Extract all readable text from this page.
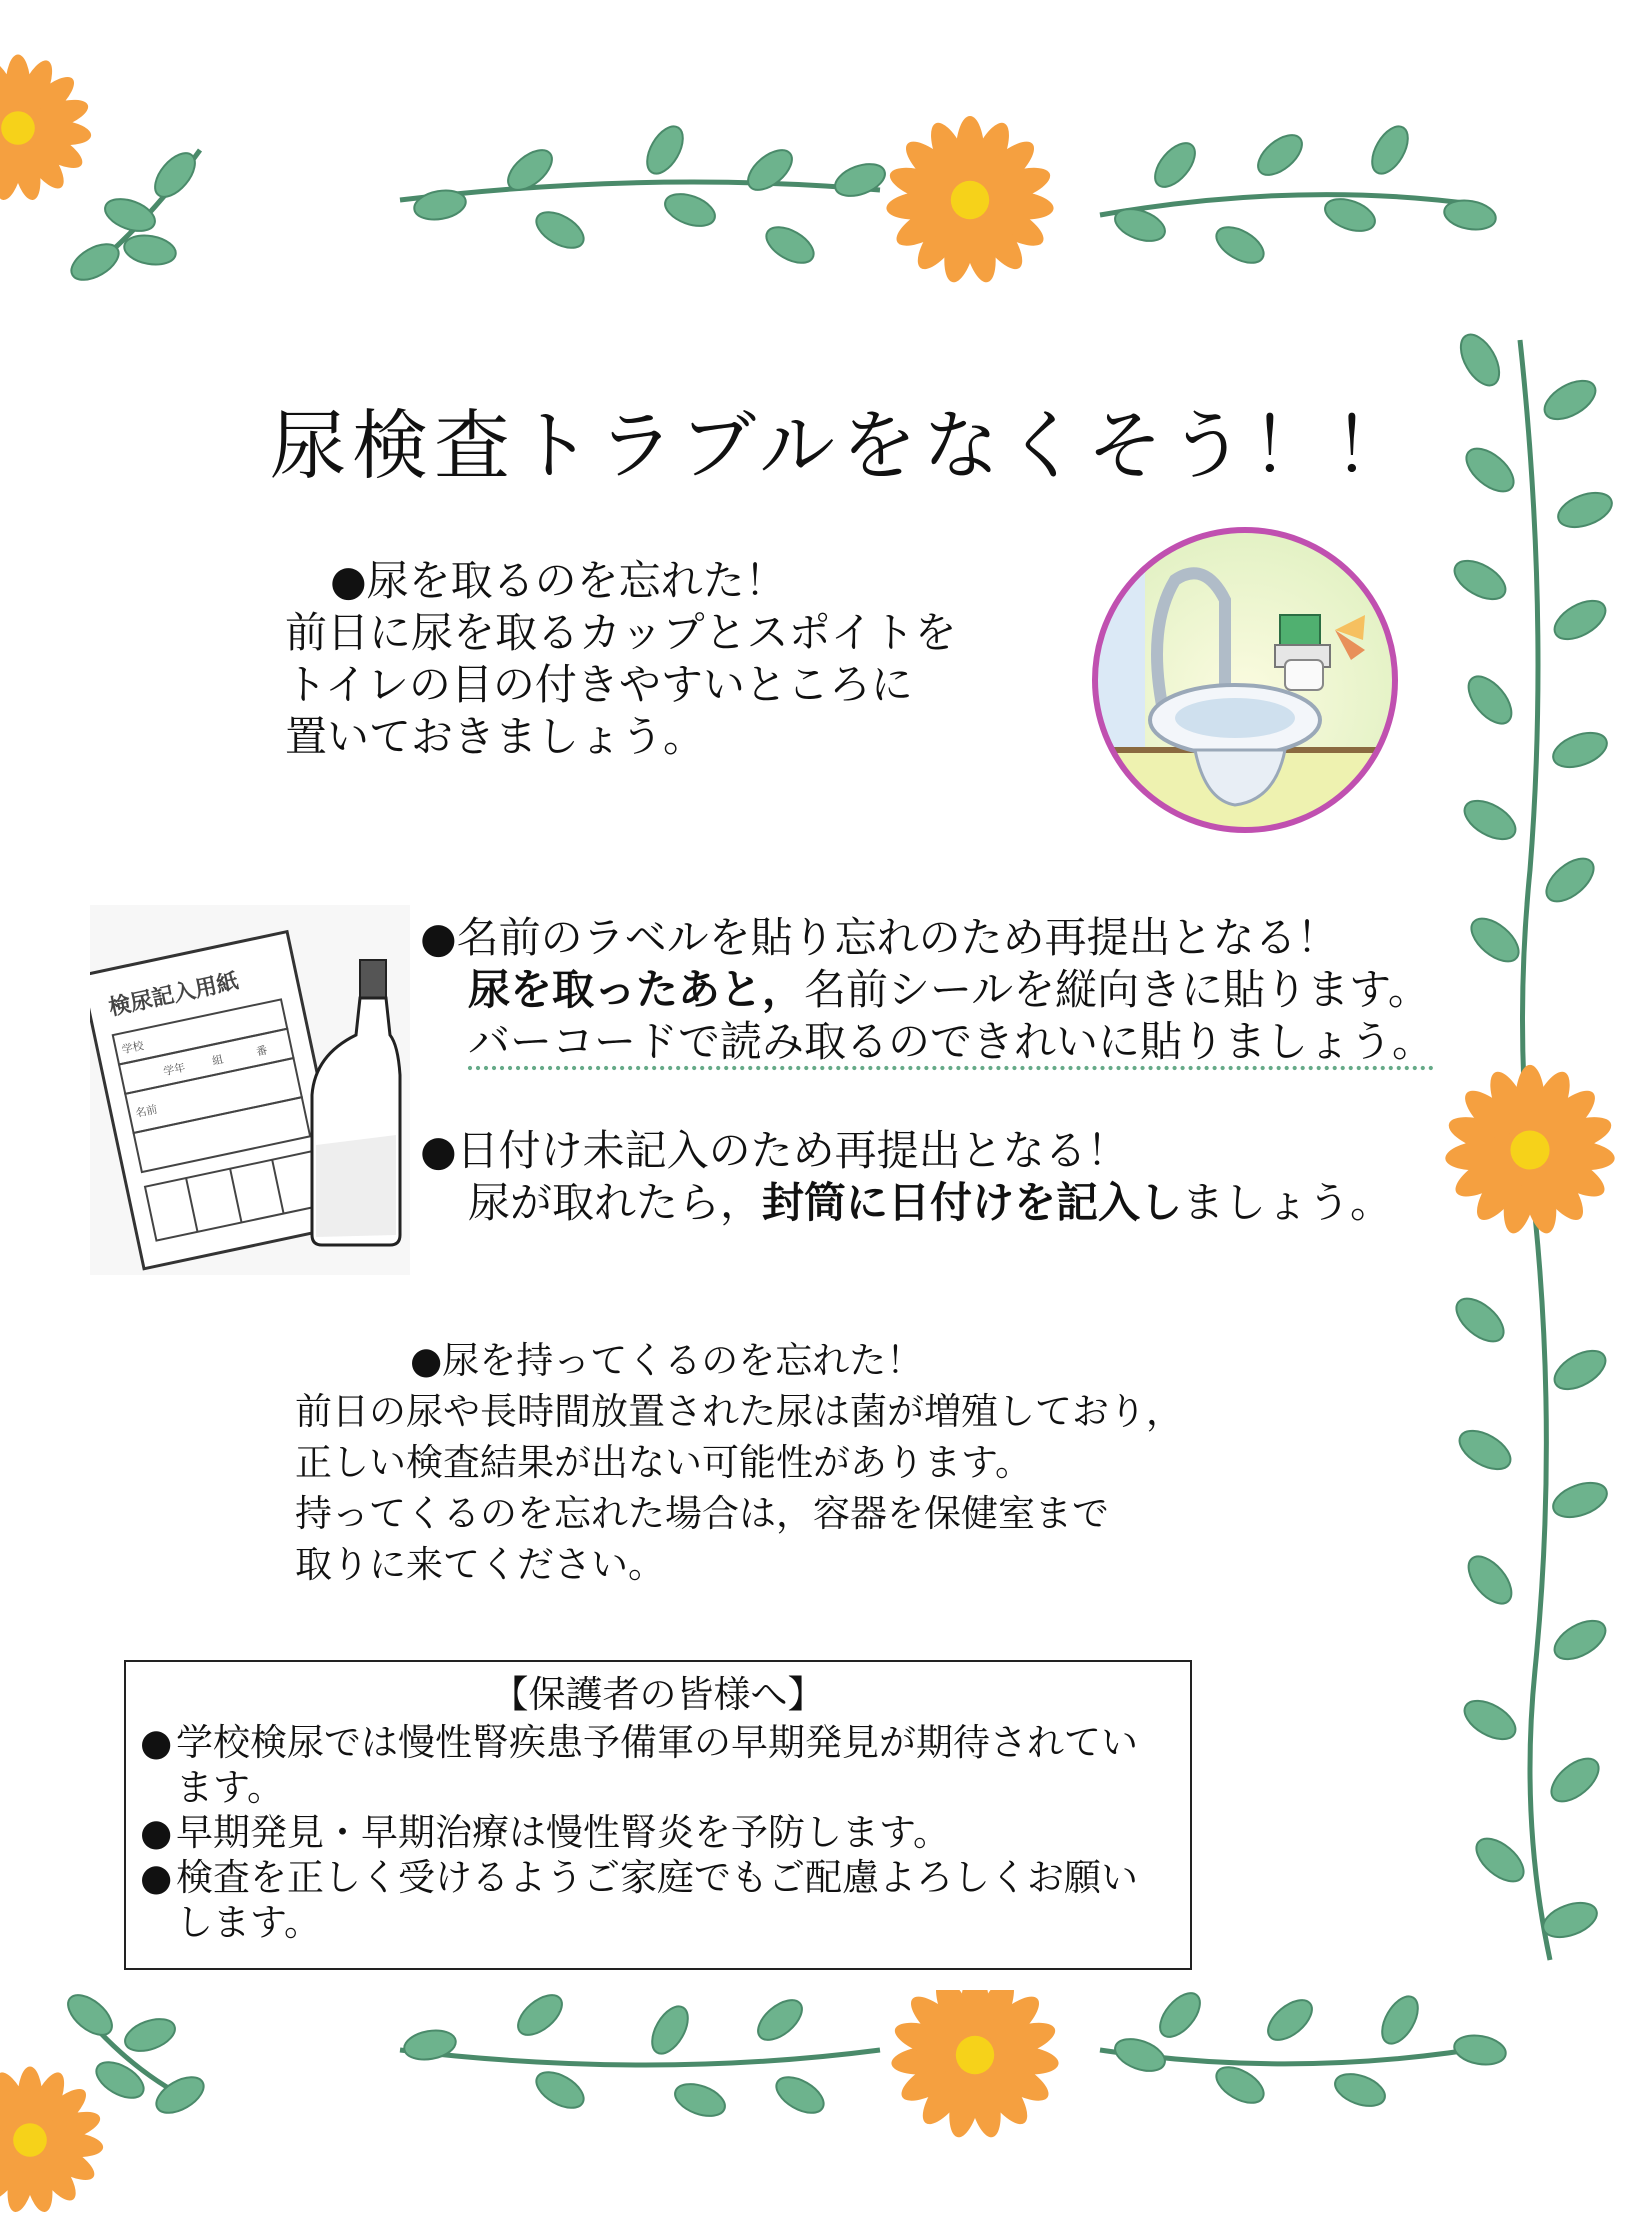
尿検査トラブルをなくそう！！
●尿を取るのを忘れた！
前日に尿を取るカップとスポイトを
トイレの目の付きやすいところに
置いておきましょう。
検尿記入用紙
学校
学年
組
番
名前
●名前のラベルを貼り忘れのため再提出となる！
尿を取ったあと，名前シールを縦向きに貼ります。
バーコードで読み取るのできれいに貼りましょう。
●日付け未記入のため再提出となる！
尿が取れたら，封筒に日付けを記入しましょう。
●尿を持ってくるのを忘れた！
前日の尿や長時間放置された尿は菌が増殖しており，
正しい検査結果が出ない可能性があります。
持ってくるのを忘れた場合は，容器を保健室まで
取りに来てください。
【保護者の皆様へ】
● 学校検尿では慢性腎疾患予備軍の早期発見が期待されています。
● 早期発見・早期治療は慢性腎炎を予防します。
● 検査を正しく受けるようご家庭でもご配慮よろしくお願いします。
